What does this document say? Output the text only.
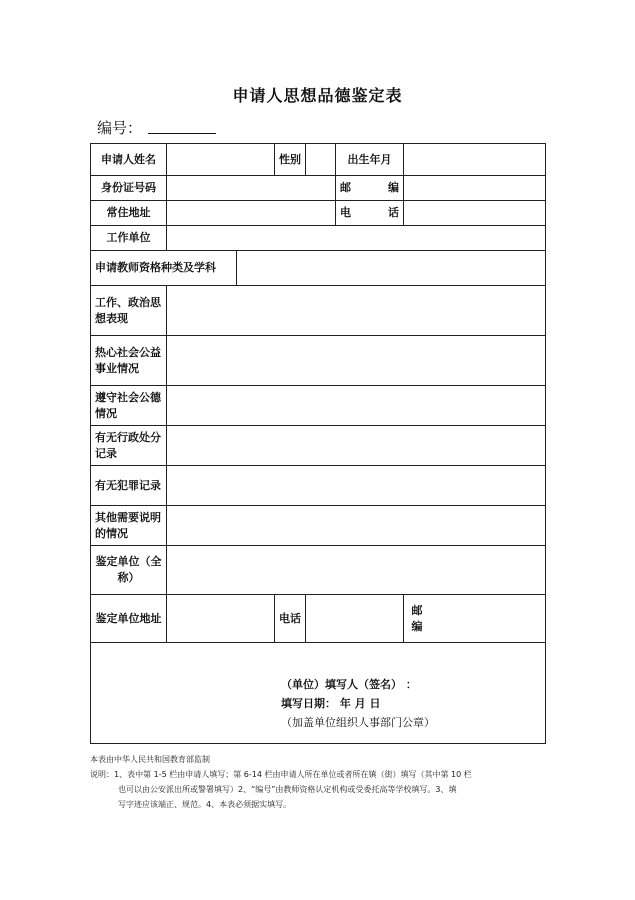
申请人思想品德鉴定表
编号：
申请人姓名			性别		出生年月	
身份证号码					邮编	
常住地址					电话	
工作单位						
申请教师资格种类及学科						
工作、政治思想表现						
热心社会公益事业情况						
遵守社会公德情况						
有无行政处分记录						
有无犯罪记录						
其他需要说明的情况						
鉴定单位（全称）						
鉴定单位地址			电话			邮编

（单位）填写人（签名） ：
填写日期： 年 月 日
（加盖单位组织人事部门公章）						
本表由中华人民共和国教育部监制
说明：1、表中第 1-5 栏由申请人填写；第 6-14 栏由申请人所在单位或者所在镇（街）填写（其中第 10 栏
也可以由公安派出所或警署填写）2、“编号”由教师资格认定机构或受委托高等学校填写。3、填
写字迹应该端正、规范。4、本表必须据实填写。
